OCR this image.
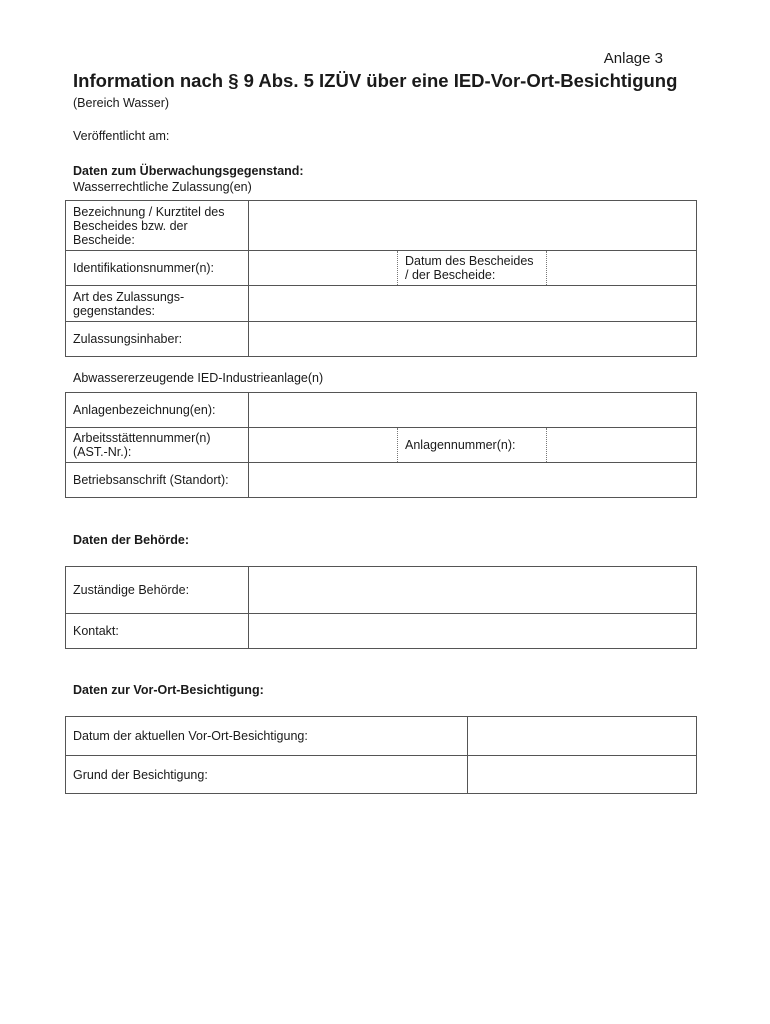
Anlage 3
Information nach § 9 Abs. 5 IZÜV über eine IED-Vor-Ort-Besichtigung
(Bereich Wasser)
Veröffentlicht am:
Daten zum Überwachungsgegenstand:
Wasserrechtliche Zulassung(en)
Bezeichnung / Kurztitel des Bescheides bzw. der Bescheide:			
Identifikationsnummer(n):		Datum des Bescheides / der Bescheide:	
Art des Zulassungs-gegenstandes:			
Zulassungsinhaber:			
Abwassererzeugende IED-Industrieanlage(n)
Anlagenbezeichnung(en):			
Arbeitsstättennummer(n) (AST.-Nr.):		Anlagennummer(n):	
Betriebsanschrift (Standort):			
Daten der Behörde:
Zuständige Behörde:	
Kontakt:	
Daten zur Vor-Ort-Besichtigung:
Datum der aktuellen Vor-Ort-Besichtigung:	
Grund der Besichtigung:	
